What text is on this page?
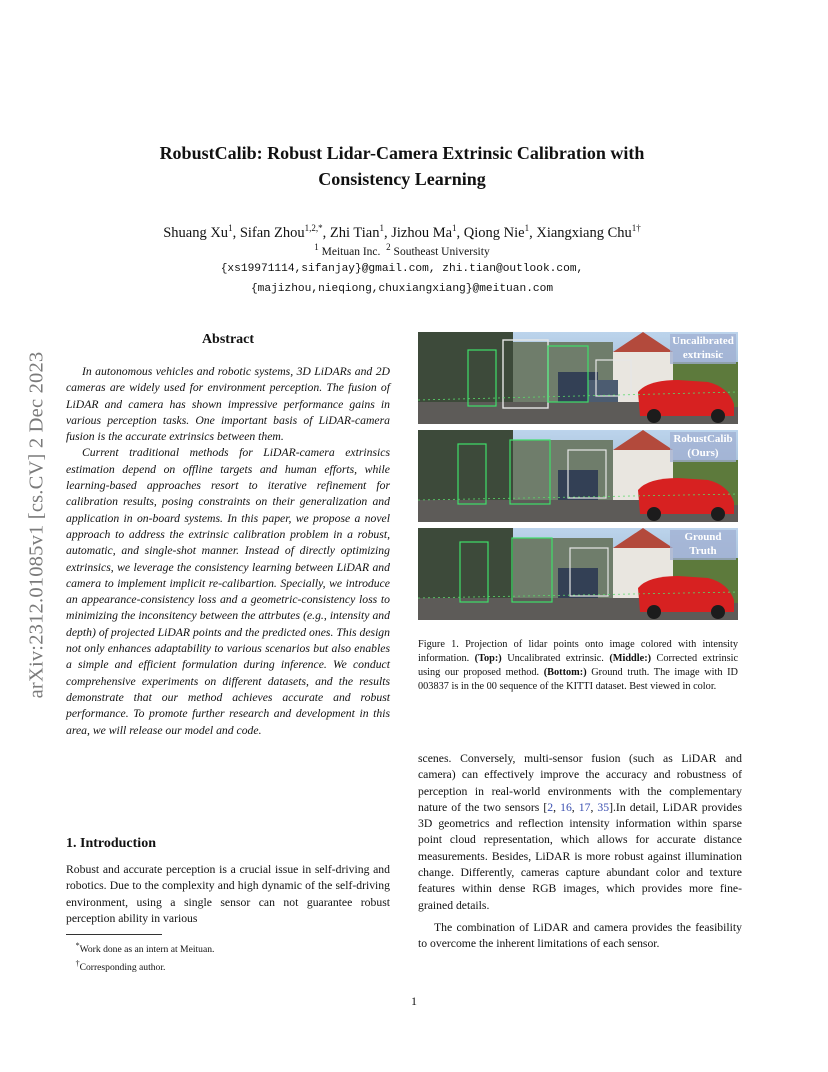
arXiv:2312.01085v1 [cs.CV] 2 Dec 2023
RobustCalib: Robust Lidar-Camera Extrinsic Calibration with
Consistency Learning
Shuang Xu$^1$, Sifan Zhou$^{1,2,*}$, Zhi Tian$^1$, Jizhou Ma$^1$, Qiong Nie$^1$, Xiangxiang Chu$^{1\dagger}$
$^1$ Meituan Inc. $^2$ Southeast University
{xs19971114,sifanjay}@gmail.com, zhi.tian@outlook.com,
{majizhou,nieqiong,chuxiangxiang}@meituan.com
Abstract

In autonomous vehicles and robotic systems, 3D LiDARs and 2D cameras are widely used for environment perception. The fusion of LiDAR and camera has shown impressive performance gains in various perception tasks. One important basis of LiDAR-camera fusion is the accurate extrinsics between them.

Current traditional methods for LiDAR-camera extrinsics estimation depend on offline targets and human efforts, while learning-based approaches resort to iterative refinement for calibration results, posing constraints on their generalization and application in on-board systems. In this paper, we propose a novel approach to address the extrinsic calibration problem in a robust, automatic, and single-shot manner. Instead of directly optimizing extrinsics, we leverage the consistency learning between LiDAR and camera to implement implicit re-calibartion. Specially, we introduce an appearance-consistency loss and a geometric-consistency loss to minimizing the inconsitency between the attrbutes (e.g., intensity and depth) of projected LiDAR points and the predicted ones. This design not only enhances adaptability to various scenarios but also enables a simple and efficient formulation during inference. We conduct comprehensive experiments on different datasets, and the results demonstrate that our method achieves accurate and robust performance. To promote further research and development in this area, we will release our model and code.

1. Introduction

Robust and accurate perception is a crucial issue in self-driving and robotics. Due to the complexity and high dynamic of the self-driving environment, using a single sensor can not guarantee robust perception ability in various

*Work done as an intern at Meituan.
†Corresponding author.
Uncalibrated extrinsic
RobustCalib (Ours)
Ground Truth
Figure 1. Projection of lidar points onto image colored with intensity information. (Top:) Uncalibrated extrinsic. (Middle:) Corrected extrinsic using our proposed method. (Bottom:) Ground truth. The image with ID 003837 is in the 00 sequence of the KITTI dataset. Best viewed in color.

scenes. Conversely, multi-sensor fusion (such as LiDAR and camera) can effectively improve the accuracy and robustness of perception in real-world environments with the complementary nature of the two sensors [2, 16, 17, 35].In detail, LiDAR provides 3D geometrics and reflection intensity information within sparse point cloud representation, which allows for accurate distance measurements. Besides, LiDAR is more robust against illumination change. Differently, cameras capture abundant color and texture features within dense RGB images, which provides more fine-grained details.

The combination of LiDAR and camera provides the feasibility to overcome the inherent limitations of each sensor.

1
